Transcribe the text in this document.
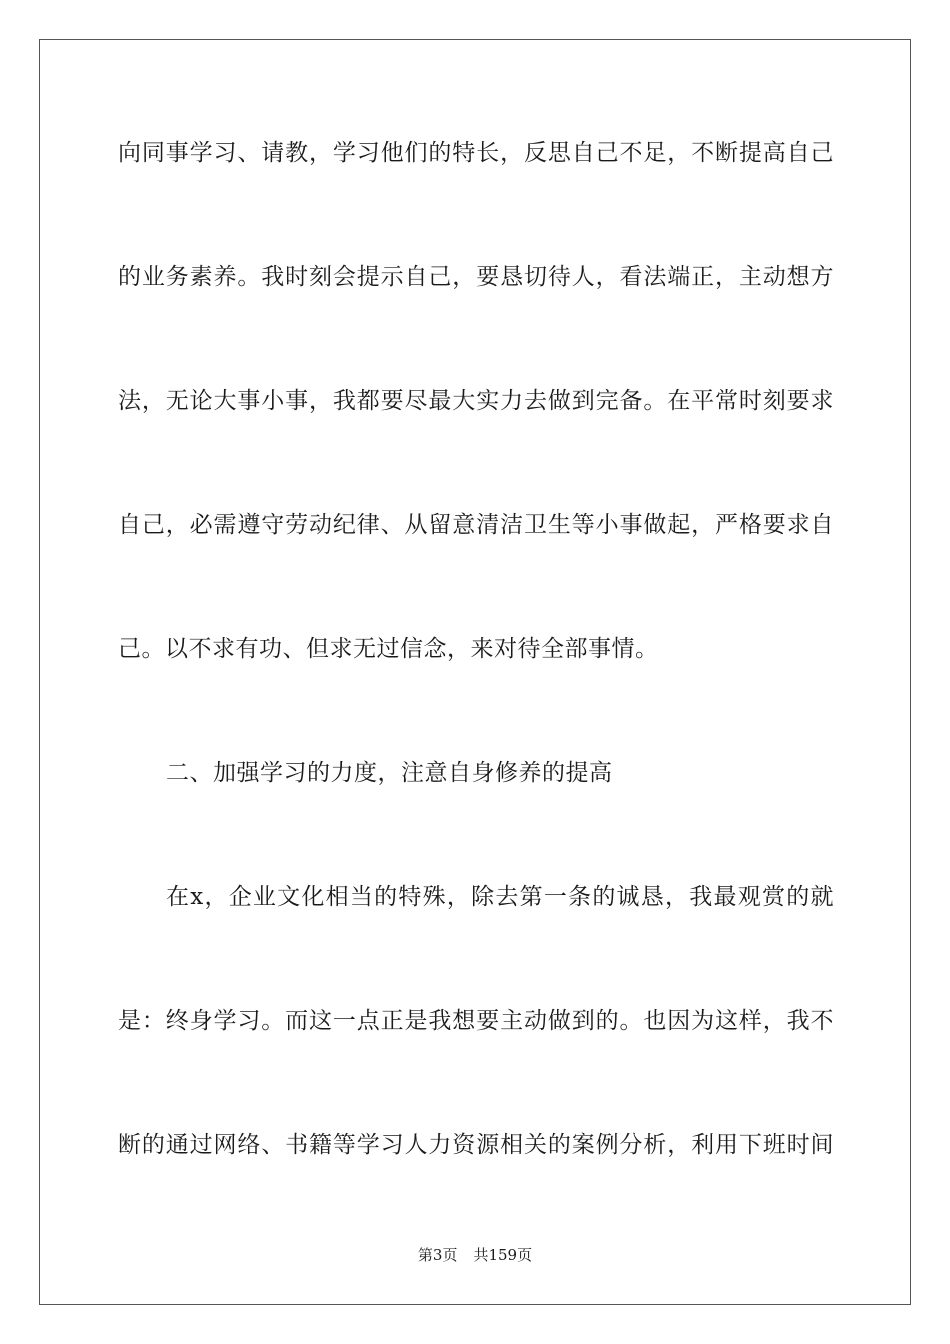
向同事学习、请教，学习他们的特长，反思自己不足，不断提高自己
的业务素养。我时刻会提示自己，要恳切待人，看法端正，主动想方
法，无论大事小事，我都要尽最大实力去做到完备。在平常时刻要求
自己，必需遵守劳动纪律、从留意清洁卫生等小事做起，严格要求自
己。以不求有功、但求无过信念，来对待全部事情。
二、加强学习的力度，注意自身修养的提高
在x，企业文化相当的特殊，除去第一条的诚恳，我最观赏的就
是：终身学习。而这一点正是我想要主动做到的。也因为这样，我不
断的通过网络、书籍等学习人力资源相关的案例分析，利用下班时间
第3页 共159页
